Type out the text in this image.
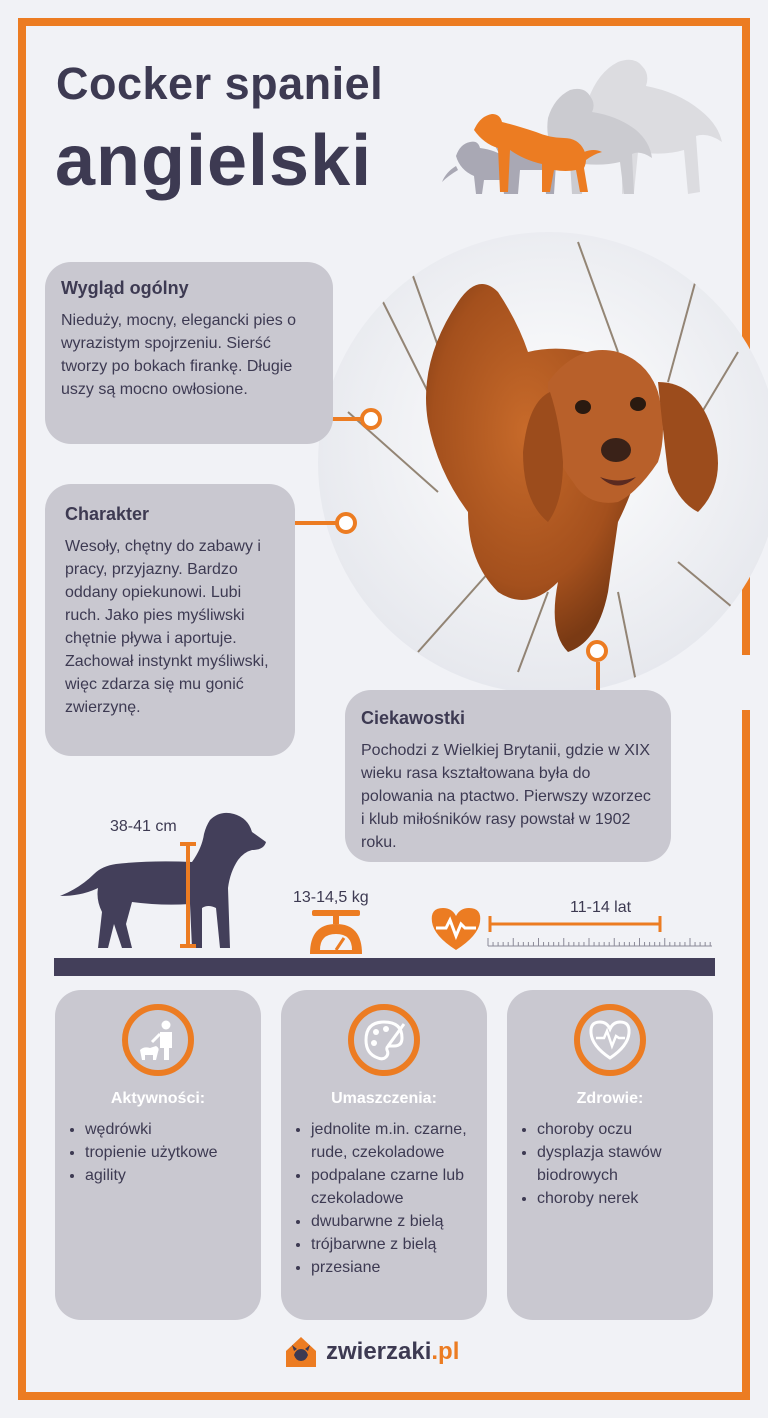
Cocker spaniel
angielski
Wygląd ogólny

Nieduży, mocny, elegancki pies o wyrazistym spojrzeniu. Sierść tworzy po bokach firankę. Długie uszy są mocno owłosione.

Charakter

Wesoły, chętny do zabawy i pracy, przyjazny. Bardzo oddany opiekunowi. Lubi ruch. Jako pies myśliwski chętnie pływa i aportuje. Zachował instynkt myśliwski, więc zdarza się mu gonić zwierzynę.

Ciekawostki

Pochodzi z Wielkiej Brytanii, gdzie w XIX wieku rasa kształtowana była do polowania na ptactwo. Pierwszy wzorzec i klub miłośników rasy powstał w 1902 roku.

38-41 cm
13-14,5 kg
11-14 lat
Aktywności:
• wędrówki
• tropienie użytkowe
• agility
Umaszczenia:
• jednolite m.in. czarne, rude, czekoladowe
• podpalane czarne lub czekoladowe
• dwubarwne z bielą
• trójbarwne z bielą
• przesiane
Zdrowie:
• choroby oczu
• dysplazja stawów biodrowych
• choroby nerek
zwierzaki.pl
